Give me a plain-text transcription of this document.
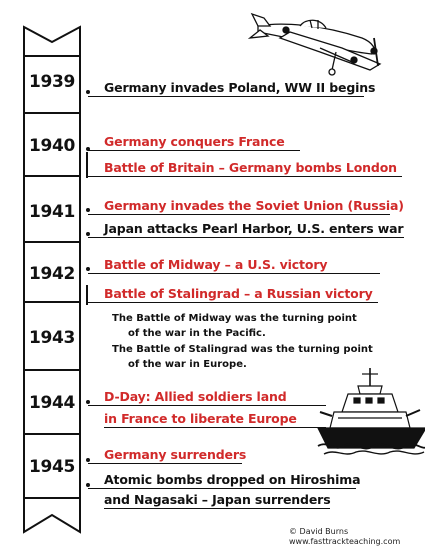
1939
1940
1941
1942
1943
1944
1945
Germany invades Poland, WW II begins
Germany conquers France
Battle of Britain – Germany bombs London
Germany invades the Soviet Union (Russia)
Japan attacks Pearl Harbor, U.S. enters war
Battle of Midway – a U.S. victory
Battle of Stalingrad – a Russian victory
The Battle of Midway was the turning point
of the war in the Pacific.
The Battle of Stalingrad was the turning point
of the war in Europe.
D-Day: Allied soldiers land
in France to liberate Europe
Germany surrenders
Atomic bombs dropped on Hiroshima
and Nagasaki – Japan surrenders
© David Burns
www.fasttrackteaching.com
